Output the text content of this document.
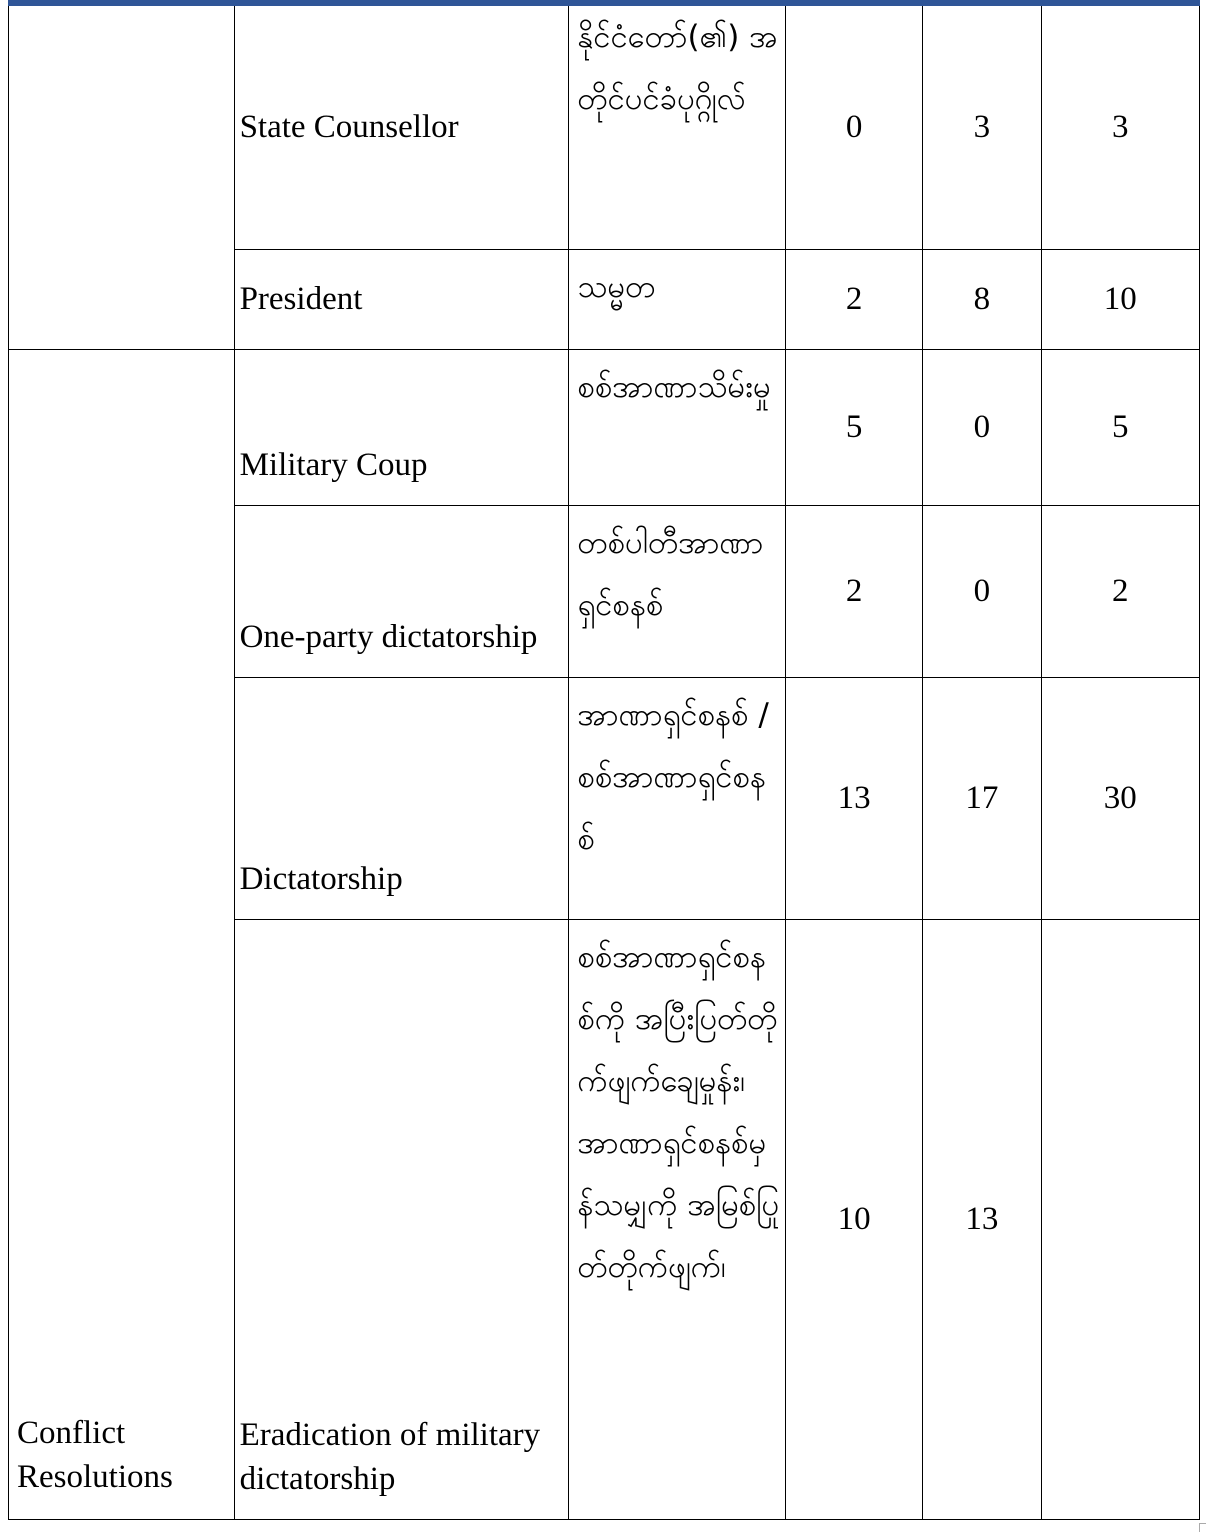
	State Counsellor	နိုင်ငံတော်(၏) အတိုင်ပင်ခံပုဂ္ဂိုလ်	0	3	3
	President	သမ္မတ	2	8	10
Conflict Resolutions	Military Coup	စစ်အာဏာသိမ်းမှု	5	0	5
	One-party dictatorship	တစ်ပါတီအာဏာရှင်စနစ်	2	0	2
	Dictatorship	အာဏာရှင်စနစ် /စစ်အာဏာရှင်စနစ်	13	17	30
	Eradication of military dictatorship	စစ်အာဏာရှင်စနစ်ကို အပြီးပြတ်တိုက်ဖျက်ချေမှုန်း၊ အာဏာရှင်စနစ်မှန်သမျှကို အမြစ်ပြုတ်တိုက်ဖျက်၊	10	13	
